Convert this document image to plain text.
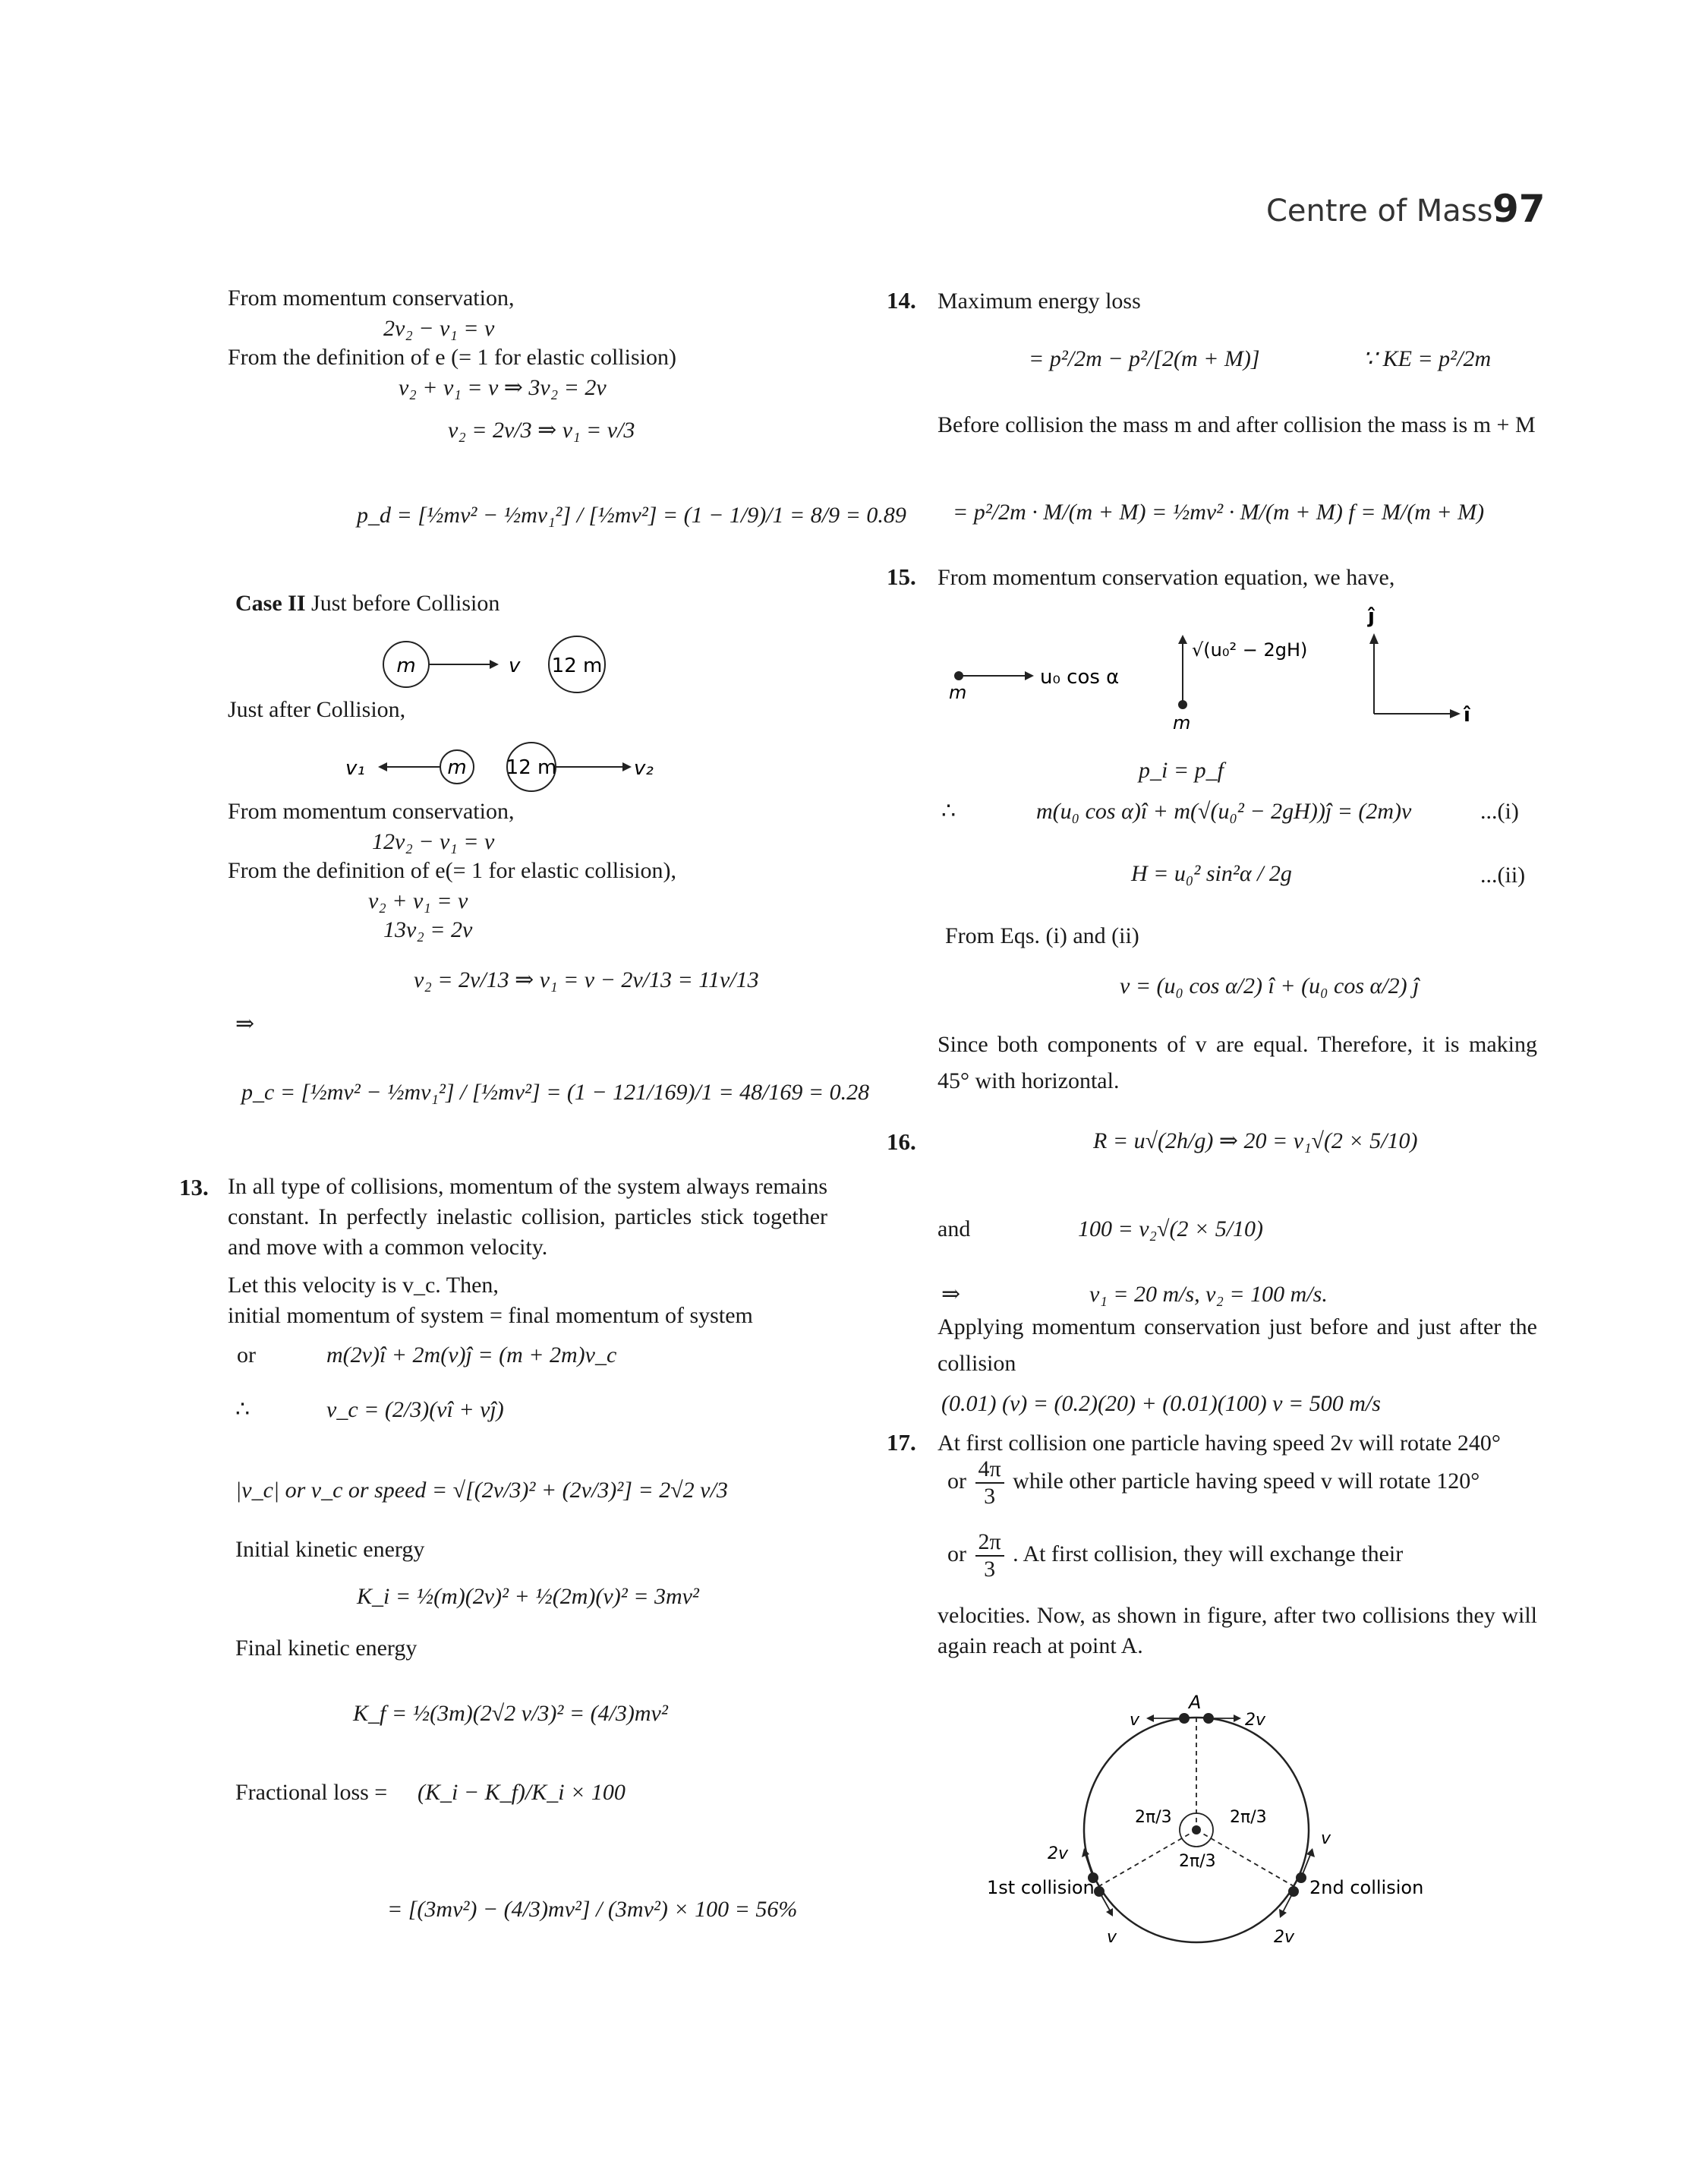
Centre of Mass 97
From momentum conservation,
2v₂ − v₁ = v
From the definition of e (= 1 for elastic collision)
v₂ + v₁ = v ⇒ 3v₂ = 2v
v₂ = 2v/3 ⇒ v₁ = v/3
p_d = [½mv² − ½mv₁²] / [½mv²] = (1 − 1/9)/1 = 8/9 = 0.89
Case II Just before Collision
m	v 12 m
Just after Collision,
v₁	m 12 m	v₂
From momentum conservation,
12v₂ − v₁ = v
From the definition of e(= 1 for elastic collision),
v₂ + v₁ = v
13v₂ = 2v
v₂ = 2v/13 ⇒ v₁ = v − 2v/13 = 11v/13
⇒
p_c = [½mv² − ½mv₁²] / [½mv²] = (1 − 121/169)/1 = 48/169 = 0.28
13. In all type of collisions, momentum of the system always remains constant. In perfectly inelastic collision, particles stick together and move with a common velocity.
Let this velocity is v_c. Then,
initial momentum of system = final momentum of system
or	m(2v)î + 2m(v)ĵ = (m + 2m)v_c
∴	v_c = (2/3)(vî + vĵ)
|v_c| or v_c or speed = √[(2v/3)² + (2v/3)²] = 2√2 v/3
Initial kinetic energy
K_i = ½(m)(2v)² + ½(2m)(v)² = 3mv²
Final kinetic energy
K_f = ½(3m)(2√2 v/3)² = (4/3)mv²
Fractional loss = (K_i − K_f)/K_i × 100
= [(3mv²) − (4/3)mv²] / (3mv²) × 100 = 56%
14. Maximum energy loss
= p²/2m − p²/[2(m + M)]	∵ KE = p²/2m
Before collision the mass m and after collision the mass is m + M
= p²/2m · M/(m + M) = ½mv² · M/(m + M) f = M/(m + M)
15. From momentum conservation equation, we have,
m
u₀ cos α
√(u₀² − 2gH)
m
ĵ
î
p_i = p_f
∴	m(u₀ cos α)î + m(√(u₀² − 2gH))ĵ = (2m)v	...(i)
H = u₀² sin²α / 2g	...(ii)
From Eqs. (i) and (ii)
v = (u₀ cos α/2) î + (u₀ cos α/2) ĵ
Since both components of v are equal. Therefore, it is making 45° with horizontal.
16.	R = u√(2h/g) ⇒ 20 = v₁√(2 × 5/10)
and	100 = v₂√(2 × 5/10)
⇒	v₁ = 20 m/s, v₂ = 100 m/s.
Applying momentum conservation just before and just after the collision
(0.01) (v) = (0.2)(20) + (0.01)(100) v = 500 m/s
17. At first collision one particle having speed 2v will rotate 240°
or $\frac{4\pi}{3}$ while other particle having speed v will rotate 120°
or $\frac{2\pi}{3}$ . At first collision, they will exchange their
velocities. Now, as shown in figure, after two collisions they will again reach at point A.
A
v	2v
2π/3	2π/3
2π/3
2v
1st collision
v
v
2nd collision
2v
